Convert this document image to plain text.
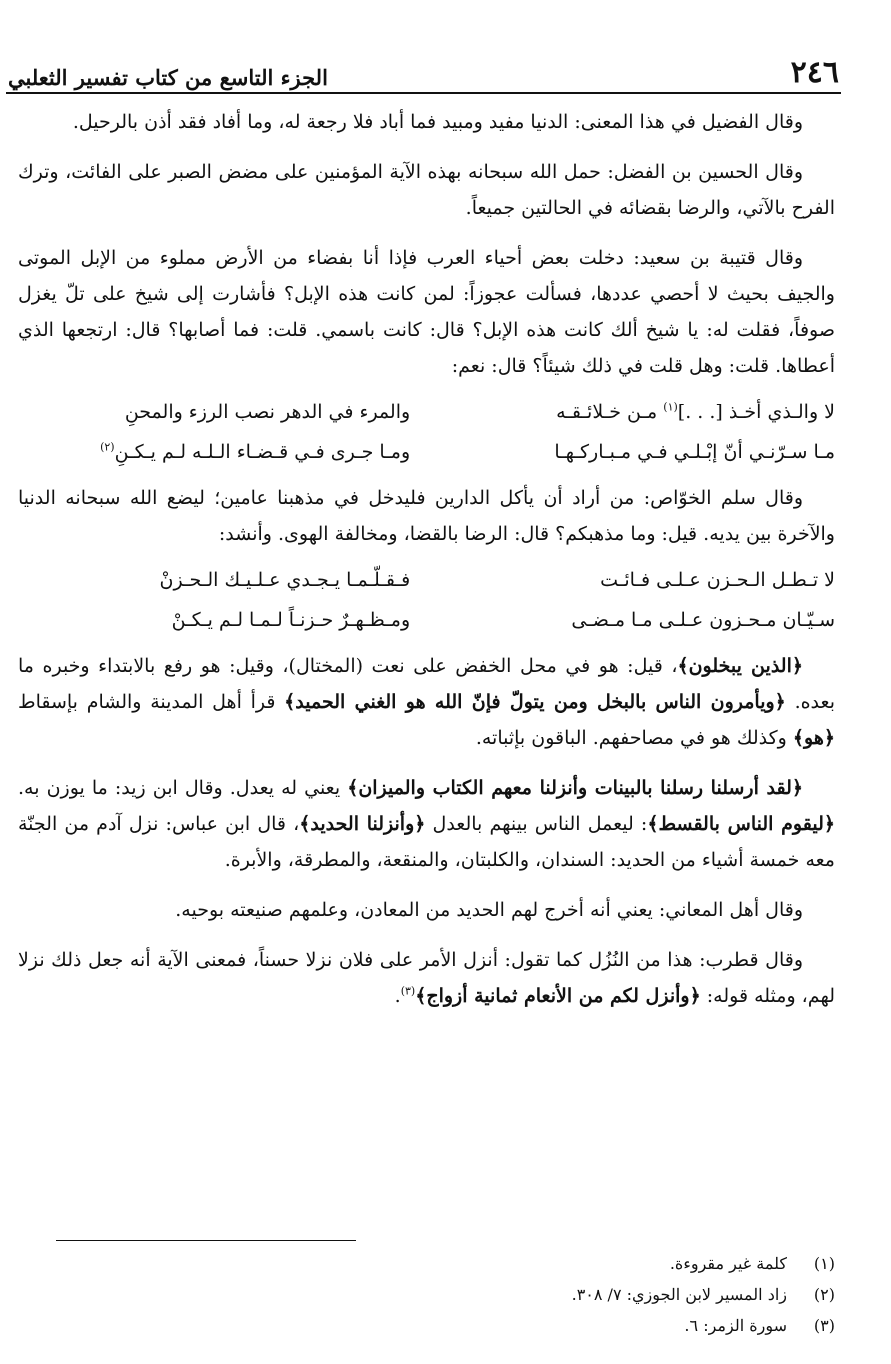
٢٤٦
الجزء التاسع من كتاب تفسير الثعلبي

وقال الفضيل في هذا المعنى: الدنيا مفيد ومبيد فما أباد فلا رجعة له، وما أفاد فقد أذن بالرحيل.

وقال الحسين بن الفضل: حمل الله سبحانه بهذه الآية المؤمنين على مضض الصبر على الفائت، وترك الفرح بالآتي، والرضا بقضائه في الحالتين جميعاً.

وقال قتيبة بن سعيد: دخلت بعض أحياء العرب فإذا أنا بفضاء من الأرض مملوء من الإبل الموتى والجيف بحيث لا أحصي عددها، فسألت عجوزاً: لمن كانت هذه الإبل؟ فأشارت إلى شيخ على تلّ يغزل صوفاً، فقلت له: يا شيخ ألك كانت هذه الإبل؟ قال: كانت باسمي. قلت: فما أصابها؟ قال: ارتجعها الذي أعطاها. قلت: وهل قلت في ذلك شيئاً؟ قال: نعم:

لا والـذي أخـذ [. . .]$^{(١)}$ مـن خـلائـقـه
والمرء في الدهر نصب الرزء والمحنِ
مـا سـرّنـي أنّ إبْـلـي فـي مـبـاركـهـا
ومـا جـرى فـي قـضـاء الـلـه لـم يـكـنِ$^{(٢)}$

وقال سلم الخوّاص: من أراد أن يأكل الدارين فليدخل في مذهبنا عامين؛ ليضع الله سبحانه الدنيا والآخرة بين يديه. قيل: وما مذهبكم؟ قال: الرضا بالقضا، ومخالفة الهوى. وأنشد:

لا تـطـل الـحـزن عـلـى فـائـت
فـقـلّـمـا يـجـدي عـلـيـك الـحـزنْ
سـيّـان مـحـزون عـلـى مـا مـضـى
ومـظـهـرٌ حـزنـاً لـمـا لـم يـكـنْ

﴿الذين يبخلون﴾، قيل: هو في محل الخفض على نعت (المختال)، وقيل: هو رفع بالابتداء وخبره ما بعده. ﴿ويأمرون الناس بالبخل ومن يتولّ فإنّ الله هو الغني الحميد﴾ قرأ أهل المدينة والشام بإسقاط ﴿هو﴾ وكذلك هو في مصاحفهم. الباقون بإثباته.

﴿لقد أرسلنا رسلنا بالبينات وأنزلنا معهم الكتاب والميزان﴾ يعني له يعدل. وقال ابن زيد: ما يوزن به. ﴿ليقوم الناس بالقسط﴾: ليعمل الناس بينهم بالعدل ﴿وأنزلنا الحديد﴾، قال ابن عباس: نزل آدم من الجنّة معه خمسة أشياء من الحديد: السندان، والكلبتان، والمنقعة، والمطرقة، والأبرة.

وقال أهل المعاني: يعني أنه أخرج لهم الحديد من المعادن، وعلمهم صنيعته بوحيه.

وقال قطرب: هذا من النُزُل كما تقول: أنزل الأمر على فلان نزلا حسناً، فمعنى الآية أنه جعل ذلك نزلا لهم، ومثله قوله: ﴿وأنزل لكم من الأنعام ثمانية أزواج﴾$^{(٣)}$.

(١)
كلمة غير مقروءة.
(٢)
زاد المسير لابن الجوزي: ٧/ ٣٠٨.
(٣)
سورة الزمر: ٦.
